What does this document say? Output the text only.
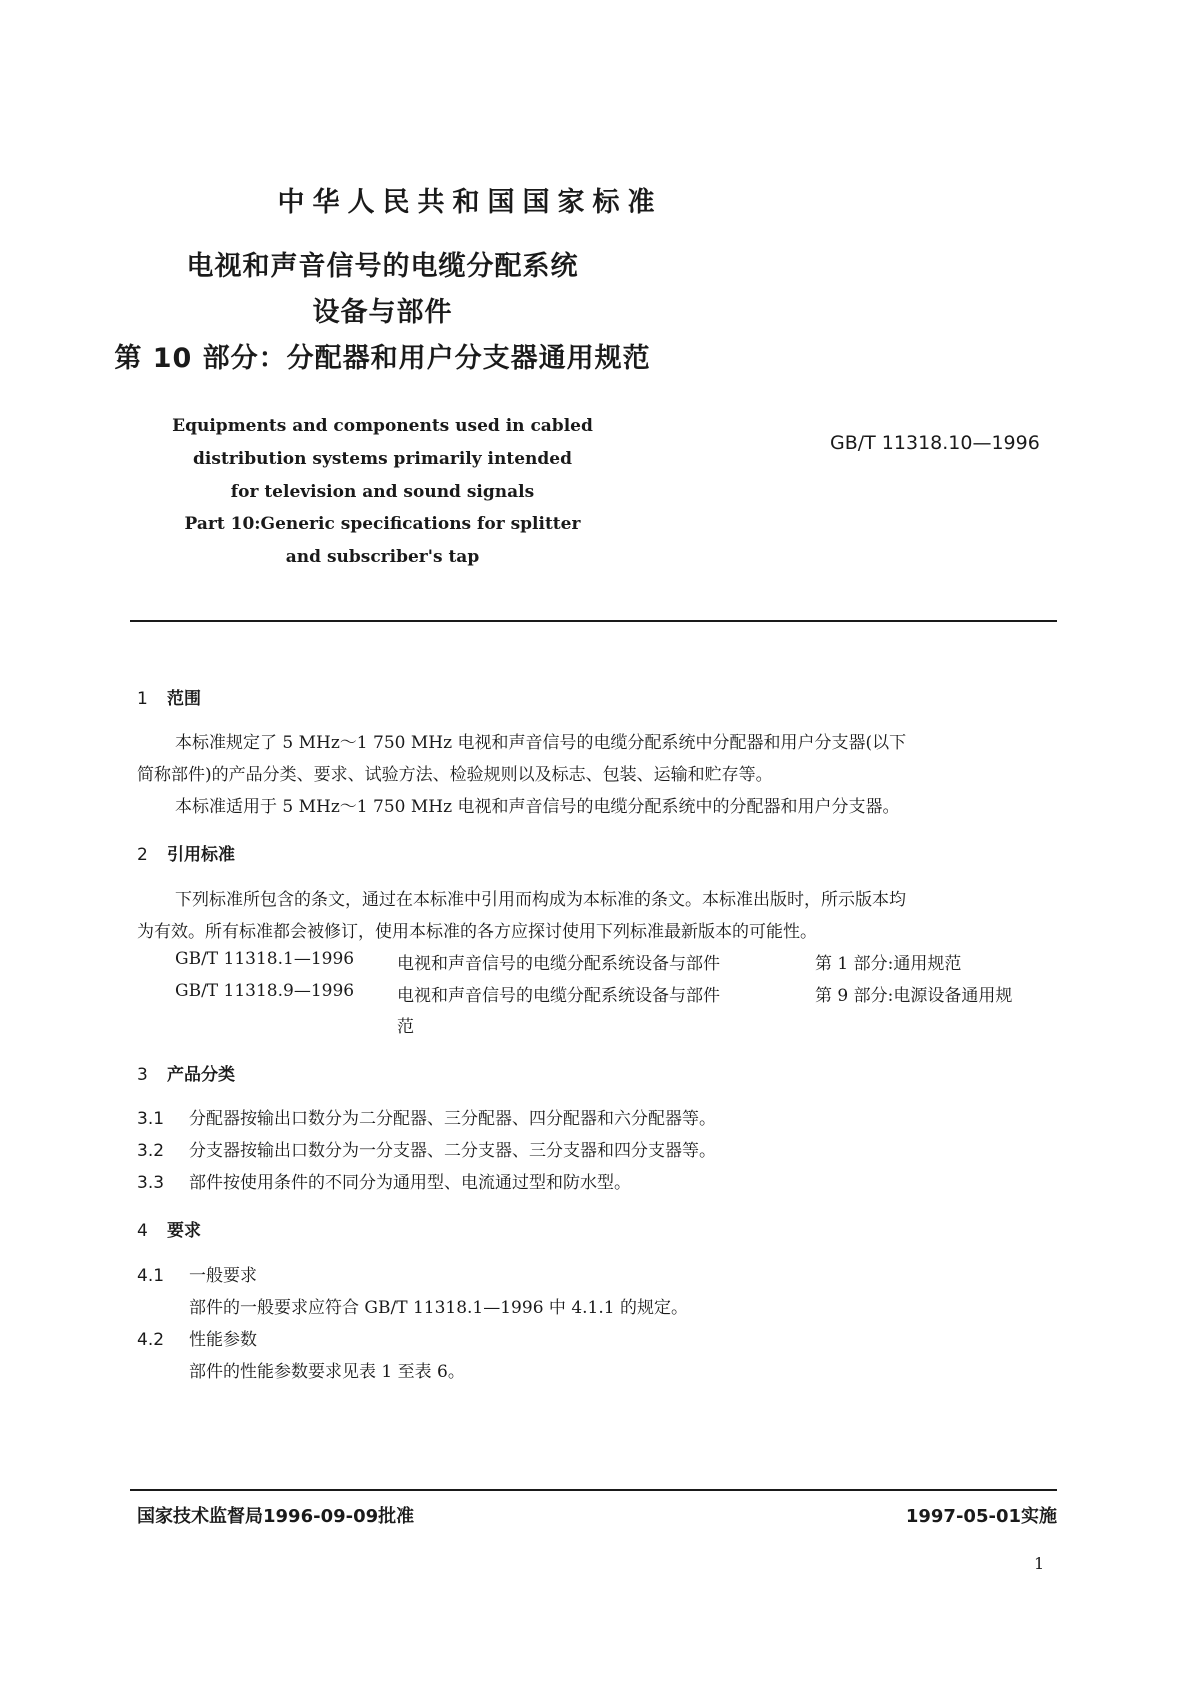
中华人民共和国国家标准
电视和声音信号的电缆分配系统
设备与部件
第 10 部分：分配器和用户分支器通用规范
Equipments and components used in cabled
distribution systems primarily intended
for television and sound signals
Part 10:Generic specifications for splitter
and subscriber's tap
GB/T 11318.10—1996
1 范围
本标准规定了 5 MHz～1 750 MHz 电视和声音信号的电缆分配系统中分配器和用户分支器(以下
简称部件)的产品分类、要求、试验方法、检验规则以及标志、包装、运输和贮存等。
本标准适用于 5 MHz～1 750 MHz 电视和声音信号的电缆分配系统中的分配器和用户分支器。
2 引用标准
下列标准所包含的条文，通过在本标准中引用而构成为本标准的条文。本标准出版时，所示版本均
为有效。所有标准都会被修订，使用本标准的各方应探讨使用下列标准最新版本的可能性。
GB/T 11318.1—1996	电视和声音信号的电缆分配系统设备与部件	第 1 部分:通用规范
GB/T 11318.9—1996	电视和声音信号的电缆分配系统设备与部件	第 9 部分:电源设备通用规
范
3 产品分类
3.1 分配器按输出口数分为二分配器、三分配器、四分配器和六分配器等。
3.2 分支器按输出口数分为一分支器、二分支器、三分支器和四分支器等。
3.3 部件按使用条件的不同分为通用型、电流通过型和防水型。
4 要求
4.1 一般要求
部件的一般要求应符合 GB/T 11318.1—1996 中 4.1.1 的规定。
4.2 性能参数
部件的性能参数要求见表 1 至表 6。
国家技术监督局1996-09-09批准	1997-05-01实施
1
